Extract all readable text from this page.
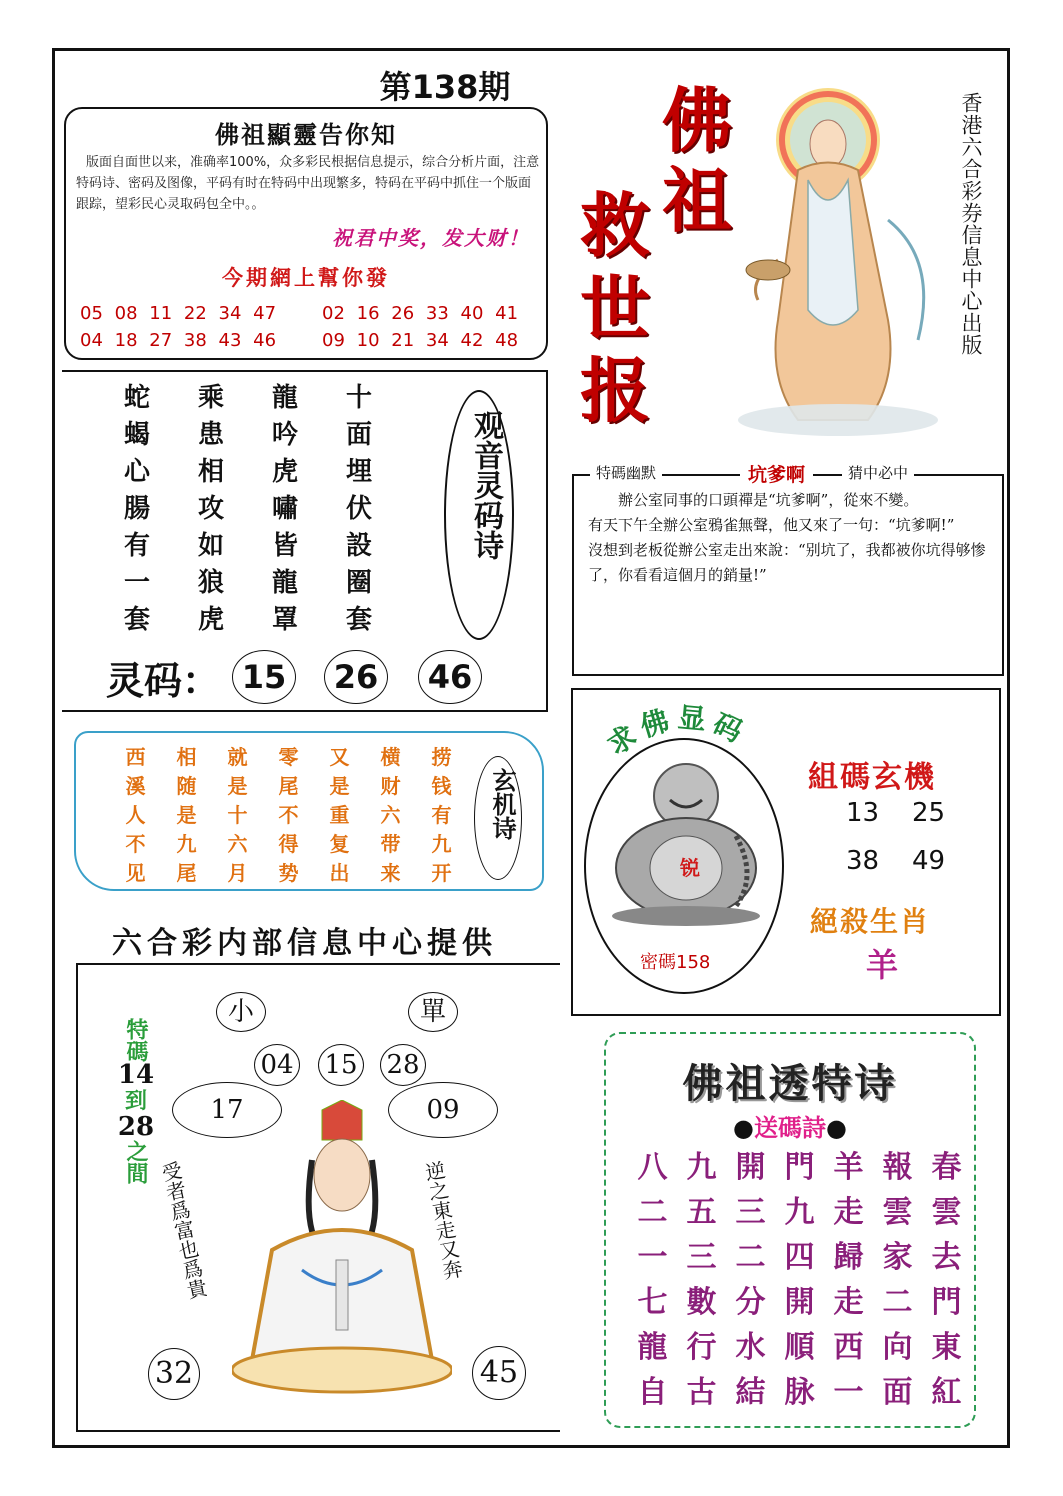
第138期
佛祖顯靈告你知
版面自面世以来，准确率100%，众多彩民根据信息提示，综合分析片面，注意特码诗、密码及图像，平码有时在特码中出现繁多，特码在平码中抓住一个版面跟踪，望彩民心灵取码包全中。。
祝君中奖，发大财！
今期網上幫你發
05 08 11 22 34 47	02 16 26 33 40 41
04 18 27 38 43 46	09 10 21 34 42 48
佛
祖
救
世
报
香港六合彩券信息中心出版
蛇	乘	龍	十
蝎	患	吟	面
心	相	虎	埋
腸	攻	嘯	伏
有	如	皆	設
一	狼	龍	圈
套	虎	罩	套
观音灵码诗
灵码： 15	26	46
西	相	就	零	又	横	捞
溪	随	是	尾	是	财	钱
人	是	十	不	重	六	有
不	九	六	得	复	带	九
见	尾	月	势	出	来	开
玄机诗
六合彩内部信息中心提供
小	單
04 15 28
17	09
特碼
14
到
28
之間 受者爲富也爲貴	逆之東走又奔
32	45
特碼幽默	坑爹啊	猜中必中
　　辦公室同事的口頭禪是“坑爹啊”，從來不變。
有天下午全辦公室鴉雀無聲，他又來了一句：“坑爹啊!”
沒想到老板從辦公室走出來說：“别坑了，我都被你坑得够惨了，你看看這個月的銷量!”
求佛显码
锐
密碼158
組碼玄機
13 25
38 49
絕殺生肖
羊
佛祖透特诗
●送碼詩●
八 九 開 門 羊 報 春
二 五 三 九 走 雲 雲
一 三 二 四 歸 家 去
七 數 分 開 走 二 門
龍 行 水 順 西 向 東
自 古 結 脉 一 面 紅
